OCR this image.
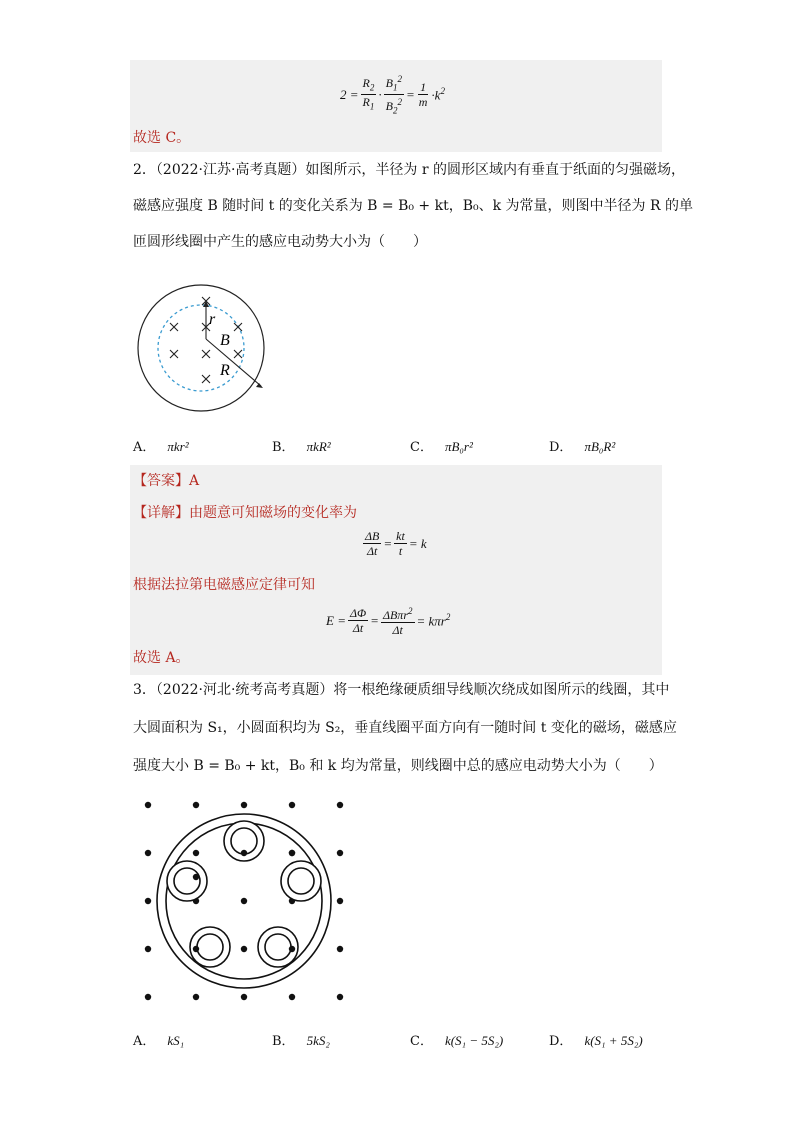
$2 = \frac{R_2}{R_1} \cdot \frac{B_1^2}{B_2^2} = \frac{1}{m} \cdot k^2$
故选 C。
2．（2022·江苏·高考真题）如图所示，半径为 r 的圆形区域内有垂直于纸面的匀强磁场，
磁感应强度 B 随时间 t 的变化关系为 B = B₀ + kt，B₀、k 为常量，则图中半径为 R 的单
匝圆形线圈中产生的感应电动势大小为（　　）
r
B
R
A． πkr²	B． πkR²	C． πB₀r²	D． πB₀R²
【答案】A
【详解】由题意可知磁场的变化率为
$\frac{\Delta B}{\Delta t} = \frac{kt}{t} = k$
根据法拉第电磁感应定律可知
$E = \frac{\Delta\Phi}{\Delta t} = \frac{\Delta B\pi r^2}{\Delta t} = k\pi r^2$
故选 A。
3．（2022·河北·统考高考真题）将一根绝缘硬质细导线顺次绕成如图所示的线圈，其中
大圆面积为 S₁，小圆面积均为 S₂，垂直线圈平面方向有一随时间 t 变化的磁场，磁感应
强度大小 B = B₀ + kt，B₀ 和 k 均为常量，则线圈中总的感应电动势大小为（　　）
A． kS₁	B． 5kS₂	C． k(S₁ − 5S₂)	D． k(S₁ + 5S₂)
